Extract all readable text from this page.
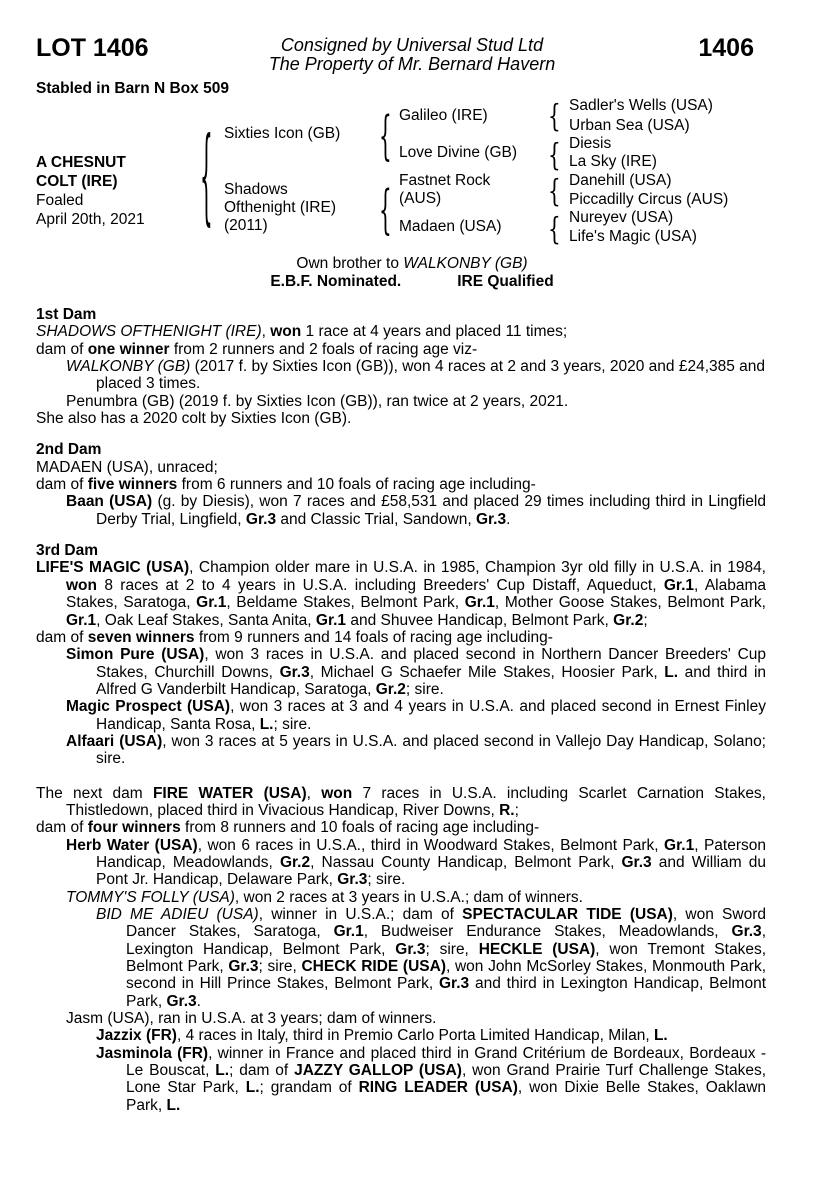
LOT 1406	1406
Consigned by Universal Stud Ltd
The Property of Mr. Bernard Havern
Stabled in Barn N Box 509
A CHESNUT
COLT (IRE)
Foaled
April 20th, 2021	{	{
{
{
{
{
{
Sixties Icon (GB)
Shadows
Ofthenight (IRE)
(2011)
Galileo (IRE)
Love Divine (GB)
Fastnet Rock
(AUS)
Madaen (USA)
Sadler's Wells (USA)
Urban Sea (USA)
Diesis
La Sky (IRE)
Danehill (USA)
Piccadilly Circus (AUS)
Nureyev (USA)
Life's Magic (USA)
Own brother to WALKONBY (GB)
E.B.F. Nominated.	IRE Qualified

1st Dam

SHADOWS OFTHENIGHT (IRE), won 1 race at 4 years and placed 11 times;

dam of one winner from 2 runners and 2 foals of racing age viz-

WALKONBY (GB) (2017 f. by Sixties Icon (GB)), won 4 races at 2 and 3 years, 2020 and £24,385 and placed 3 times.

Penumbra (GB) (2019 f. by Sixties Icon (GB)), ran twice at 2 years, 2021.

She also has a 2020 colt by Sixties Icon (GB).

2nd Dam

MADAEN (USA), unraced;

dam of five winners from 6 runners and 10 foals of racing age including-

Baan (USA) (g. by Diesis), won 7 races and £58,531 and placed 29 times including third in Lingfield Derby Trial, Lingfield, Gr.3 and Classic Trial, Sandown, Gr.3.

3rd Dam

LIFE'S MAGIC (USA), Champion older mare in U.S.A. in 1985, Champion 3yr old filly in U.S.A. in 1984, won 8 races at 2 to 4 years in U.S.A. including Breeders' Cup Distaff, Aqueduct, Gr.1, Alabama Stakes, Saratoga, Gr.1, Beldame Stakes, Belmont Park, Gr.1, Mother Goose Stakes, Belmont Park, Gr.1, Oak Leaf Stakes, Santa Anita, Gr.1 and Shuvee Handicap, Belmont Park, Gr.2;

dam of seven winners from 9 runners and 14 foals of racing age including-

Simon Pure (USA), won 3 races in U.S.A. and placed second in Northern Dancer Breeders' Cup Stakes, Churchill Downs, Gr.3, Michael G Schaefer Mile Stakes, Hoosier Park, L. and third in Alfred G Vanderbilt Handicap, Saratoga, Gr.2; sire.

Magic Prospect (USA), won 3 races at 3 and 4 years in U.S.A. and placed second in Ernest Finley Handicap, Santa Rosa, L.; sire.

Alfaari (USA), won 3 races at 5 years in U.S.A. and placed second in Vallejo Day Handicap, Solano; sire.

The next dam FIRE WATER (USA), won 7 races in U.S.A. including Scarlet Carnation Stakes, Thistledown, placed third in Vivacious Handicap, River Downs, R.;

dam of four winners from 8 runners and 10 foals of racing age including-

Herb Water (USA), won 6 races in U.S.A., third in Woodward Stakes, Belmont Park, Gr.1, Paterson Handicap, Meadowlands, Gr.2, Nassau County Handicap, Belmont Park, Gr.3 and William du Pont Jr. Handicap, Delaware Park, Gr.3; sire.

TOMMY'S FOLLY (USA), won 2 races at 3 years in U.S.A.; dam of winners.

BID ME ADIEU (USA), winner in U.S.A.; dam of SPECTACULAR TIDE (USA), won Sword Dancer Stakes, Saratoga, Gr.1, Budweiser Endurance Stakes, Meadowlands, Gr.3, Lexington Handicap, Belmont Park, Gr.3; sire, HECKLE (USA), won Tremont Stakes, Belmont Park, Gr.3; sire, CHECK RIDE (USA), won John McSorley Stakes, Monmouth Park, second in Hill Prince Stakes, Belmont Park, Gr.3 and third in Lexington Handicap, Belmont Park, Gr.3.

Jasm (USA), ran in U.S.A. at 3 years; dam of winners.

Jazzix (FR), 4 races in Italy, third in Premio Carlo Porta Limited Handicap, Milan, L.

Jasminola (FR), winner in France and placed third in Grand Critérium de Bordeaux, Bordeaux - Le Bouscat, L.; dam of JAZZY GALLOP (USA), won Grand Prairie Turf Challenge Stakes, Lone Star Park, L.; grandam of RING LEADER (USA), won Dixie Belle Stakes, Oaklawn Park, L.
